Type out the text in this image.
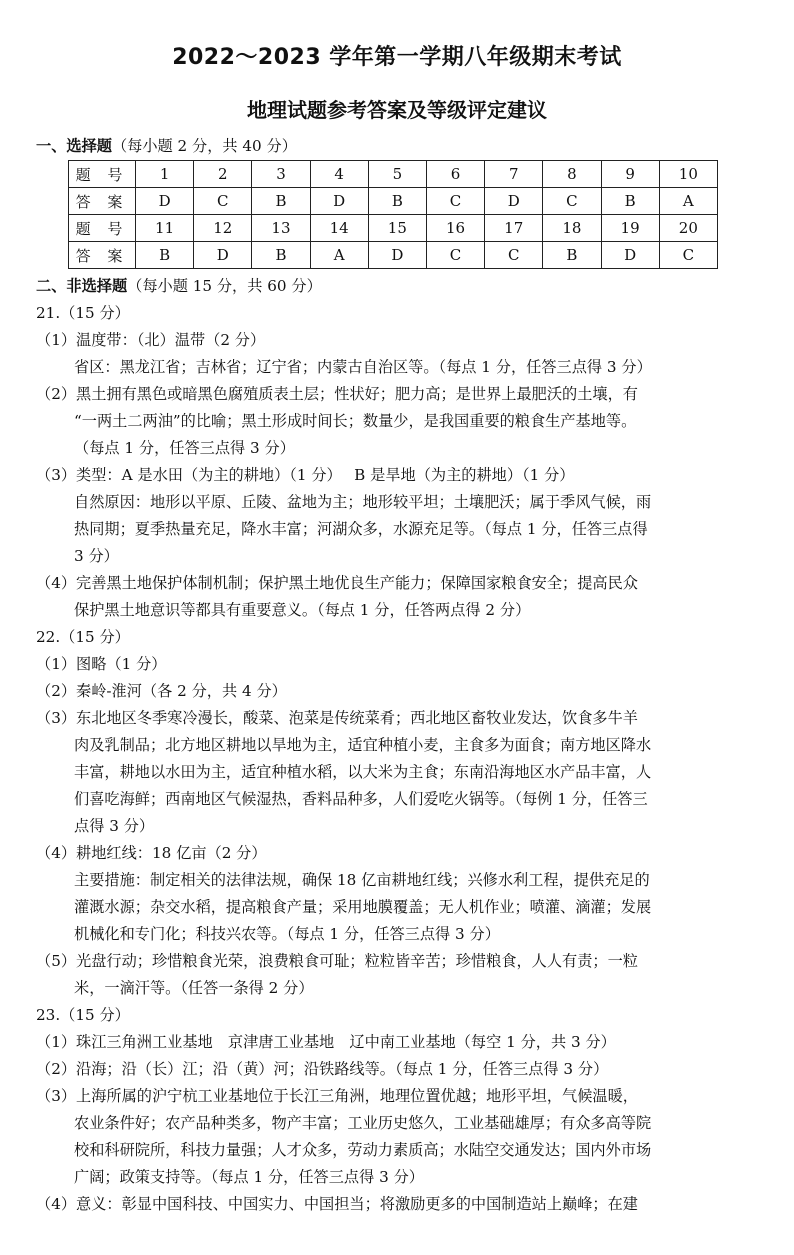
2022～2023 学年第一学期八年级期末考试
地理试题参考答案及等级评定建议
一、选择题（每小题 2 分，共 40 分）
题 号	1	2	3	4	5	6	7	8	9	10
答 案	D	C	B	D	B	C	D	C	B	A
题 号	11	12	13	14	15	16	17	18	19	20
答 案	B	D	B	A	D	C	C	B	D	C
二、非选择题（每小题 15 分，共 60 分）
21.（15 分）
（1）温度带：（北）温带（2 分）
省区：黑龙江省；吉林省；辽宁省；内蒙古自治区等。（每点 1 分，任答三点得 3 分）
（2）黑土拥有黑色或暗黑色腐殖质表土层；性状好；肥力高；是世界上最肥沃的土壤，有
“一两土二两油”的比喻；黑土形成时间长；数量少，是我国重要的粮食生产基地等。
（每点 1 分，任答三点得 3 分）
（3）类型：A 是水田（为主的耕地）（1 分）　 B 是旱地（为主的耕地）（1 分）
自然原因：地形以平原、丘陵、盆地为主；地形较平坦；土壤肥沃；属于季风气候，雨
热同期；夏季热量充足，降水丰富；河湖众多，水源充足等。（每点 1 分，任答三点得
3 分）
（4）完善黑土地保护体制机制；保护黑土地优良生产能力；保障国家粮食安全；提高民众
保护黑土地意识等都具有重要意义。（每点 1 分，任答两点得 2 分）
22.（15 分）
（1）图略（1 分）
（2）秦岭-淮河（各 2 分，共 4 分）
（3）东北地区冬季寒冷漫长，酸菜、泡菜是传统菜肴；西北地区畜牧业发达，饮食多牛羊
肉及乳制品；北方地区耕地以旱地为主，适宜种植小麦，主食多为面食；南方地区降水
丰富，耕地以水田为主，适宜种植水稻，以大米为主食；东南沿海地区水产品丰富，人
们喜吃海鲜；西南地区气候湿热，香料品种多，人们爱吃火锅等。（每例 1 分，任答三
点得 3 分）
（4）耕地红线：18 亿亩（2 分）
主要措施：制定相关的法律法规，确保 18 亿亩耕地红线；兴修水利工程，提供充足的
灌溉水源；杂交水稻，提高粮食产量；采用地膜覆盖；无人机作业；喷灌、滴灌；发展
机械化和专门化；科技兴农等。（每点 1 分，任答三点得 3 分）
（5）光盘行动；珍惜粮食光荣，浪费粮食可耻；粒粒皆辛苦；珍惜粮食，人人有责；一粒
米，一滴汗等。（任答一条得 2 分）
23.（15 分）
（1）珠江三角洲工业基地　京津唐工业基地　辽中南工业基地（每空 1 分，共 3 分）
（2）沿海；沿（长）江；沿（黄）河；沿铁路线等。（每点 1 分，任答三点得 3 分）
（3）上海所属的沪宁杭工业基地位于长江三角洲，地理位置优越；地形平坦，气候温暖，
农业条件好；农产品种类多，物产丰富；工业历史悠久，工业基础雄厚；有众多高等院
校和科研院所，科技力量强；人才众多，劳动力素质高；水陆空交通发达；国内外市场
广阔；政策支持等。（每点 1 分，任答三点得 3 分）
（4）意义：彰显中国科技、中国实力、中国担当；将激励更多的中国制造站上巅峰；在建
